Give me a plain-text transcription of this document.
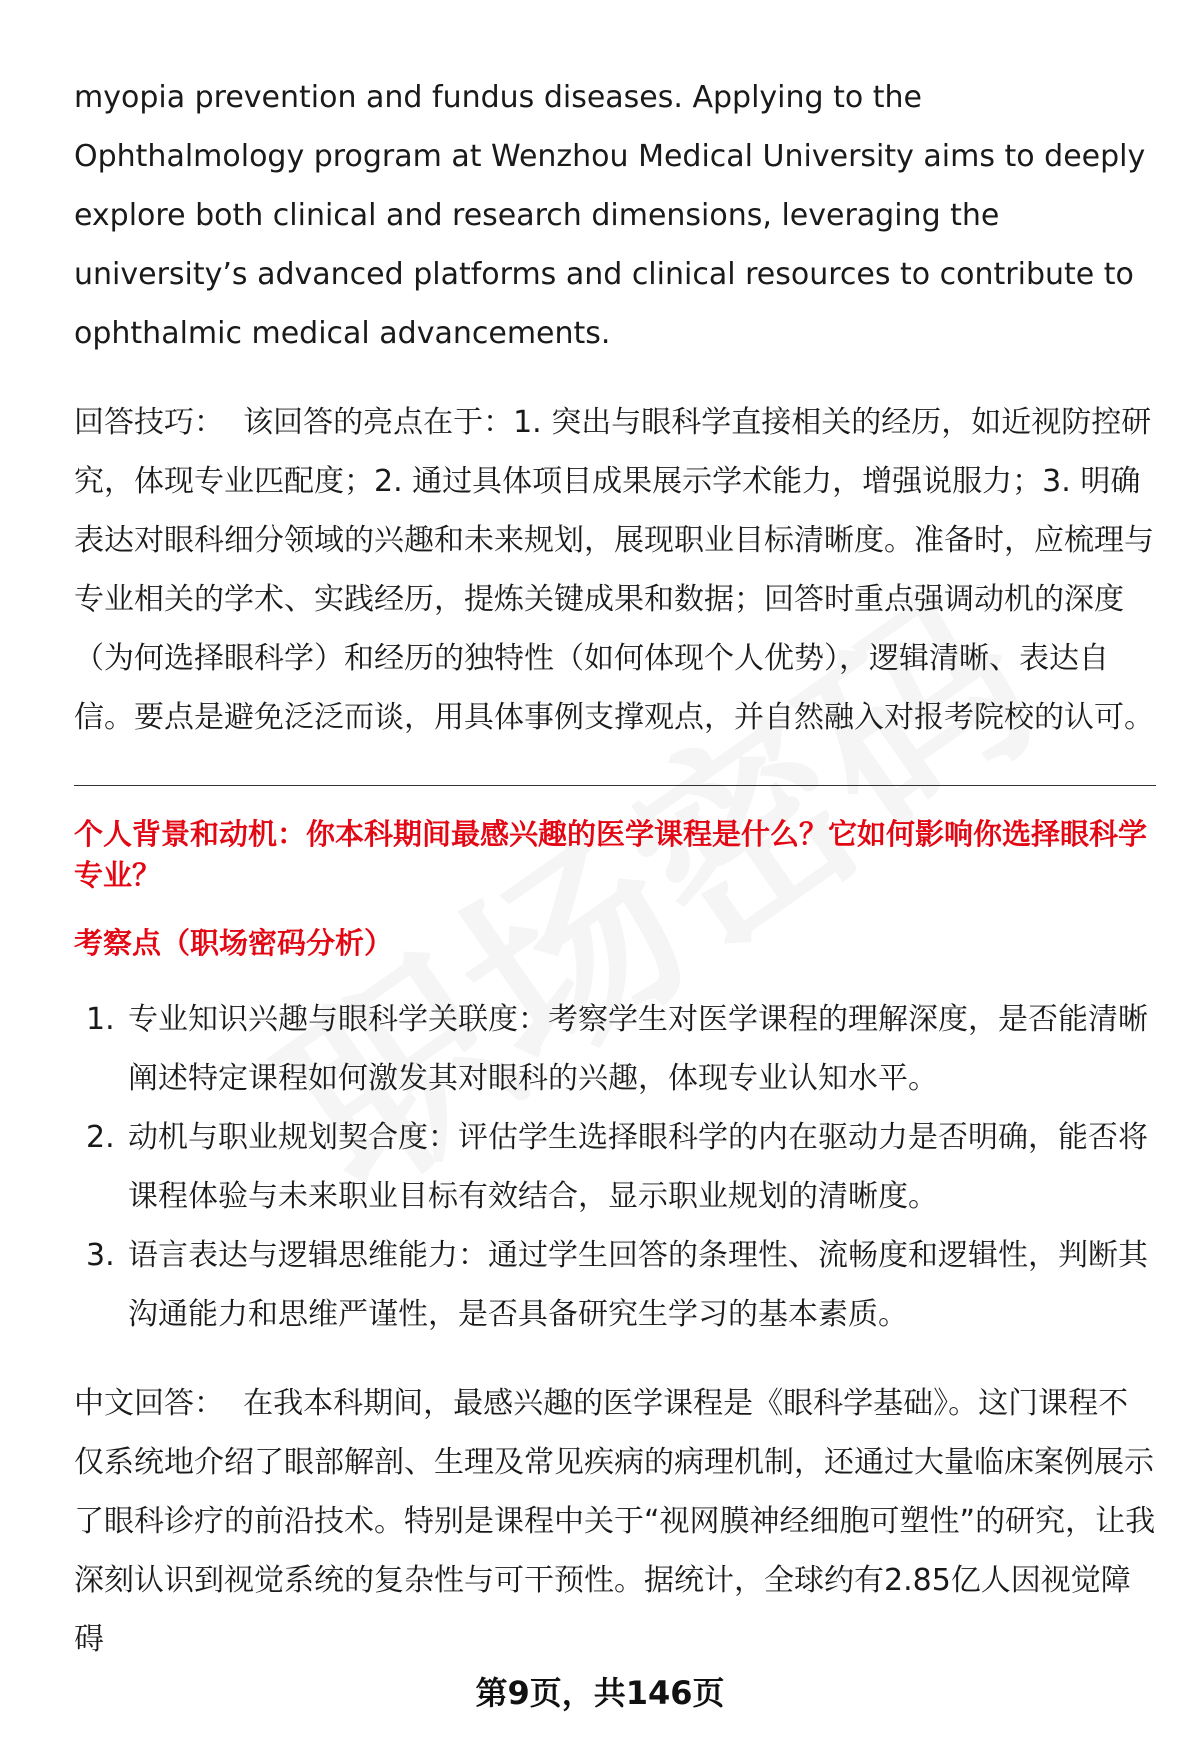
myopia prevention and fundus diseases. Applying to the Ophthalmology program at Wenzhou Medical University aims to deeply explore both clinical and research dimensions, leveraging the university’s advanced platforms and clinical resources to contribute to ophthalmic medical advancements.

回答技巧： 该回答的亮点在于：1. 突出与眼科学直接相关的经历，如近视防控研究，体现专业匹配度；2. 通过具体项目成果展示学术能力，增强说服力；3. 明确表达对眼科细分领域的兴趣和未来规划，展现职业目标清晰度。准备时，应梳理与专业相关的学术、实践经历，提炼关键成果和数据；回答时重点强调动机的深度（为何选择眼科学）和经历的独特性（如何体现个人优势），逻辑清晰、表达自信。要点是避免泛泛而谈，用具体事例支撑观点，并自然融入对报考院校的认可。

个人背景和动机：你本科期间最感兴趣的医学课程是什么？它如何影响你选择眼科学专业？
考察点（职场密码分析）
1. 专业知识兴趣与眼科学关联度：考察学生对医学课程的理解深度，是否能清晰阐述特定课程如何激发其对眼科的兴趣，体现专业认知水平。
2. 动机与职业规划契合度：评估学生选择眼科学的内在驱动力是否明确，能否将课程体验与未来职业目标有效结合，显示职业规划的清晰度。
3. 语言表达与逻辑思维能力：通过学生回答的条理性、流畅度和逻辑性，判断其沟通能力和思维严谨性，是否具备研究生学习的基本素质。

中文回答： 在我本科期间，最感兴趣的医学课程是《眼科学基础》。这门课程不仅系统地介绍了眼部解剖、生理及常见疾病的病理机制，还通过大量临床案例展示了眼科诊疗的前沿技术。特别是课程中关于“视网膜神经细胞可塑性”的研究，让我深刻认识到视觉系统的复杂性与可干预性。据统计，全球约有2.85亿人因视觉障碍

第9页，共146页
